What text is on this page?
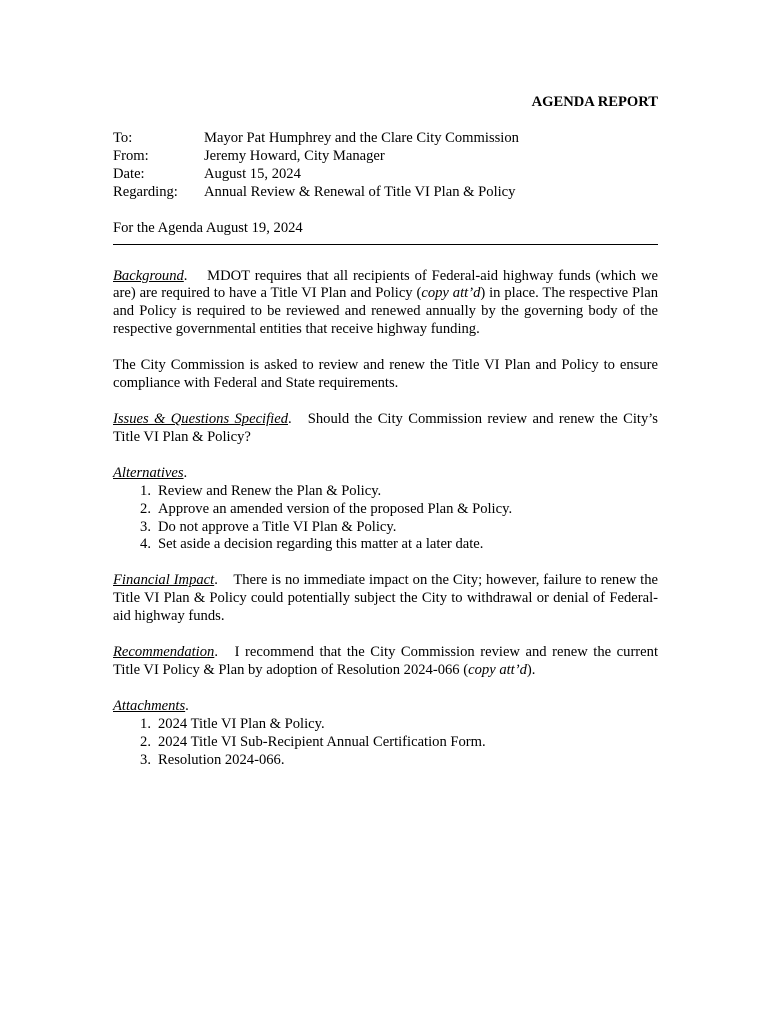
AGENDA REPORT

To:	Mayor Pat Humphrey and the Clare City Commission
From:	Jeremy Howard, City Manager
Date:	August 15, 2024
Regarding:	Annual Review & Renewal of Title VI Plan & Policy
For the Agenda August 19, 2024

Background.    MDOT requires that all recipients of Federal-aid highway funds (which we are) are required to have a Title VI Plan and Policy (copy att’d) in place. The respective Plan and Policy is required to be reviewed and renewed annually by the governing body of the respective governmental entities that receive highway funding.

The City Commission is asked to review and renew the Title VI Plan and Policy to ensure compliance with Federal and State requirements.

Issues & Questions Specified.   Should the City Commission review and renew the City’s Title VI Plan & Policy?

Alternatives.
1. Review and Renew the Plan & Policy.
2. Approve an amended version of the proposed Plan & Policy.
3. Do not approve a Title VI Plan & Policy.
4. Set aside a decision regarding this matter at a later date.

Financial Impact.    There is no immediate impact on the City; however, failure to renew the Title VI Plan & Policy could potentially subject the City to withdrawal or denial of Federal-aid highway funds.

Recommendation.   I recommend that the City Commission review and renew the current Title VI Policy & Plan by adoption of Resolution 2024-066 (copy att’d).

Attachments.
1. 2024 Title VI Plan & Policy.
2. 2024 Title VI Sub-Recipient Annual Certification Form.
3. Resolution 2024-066.
